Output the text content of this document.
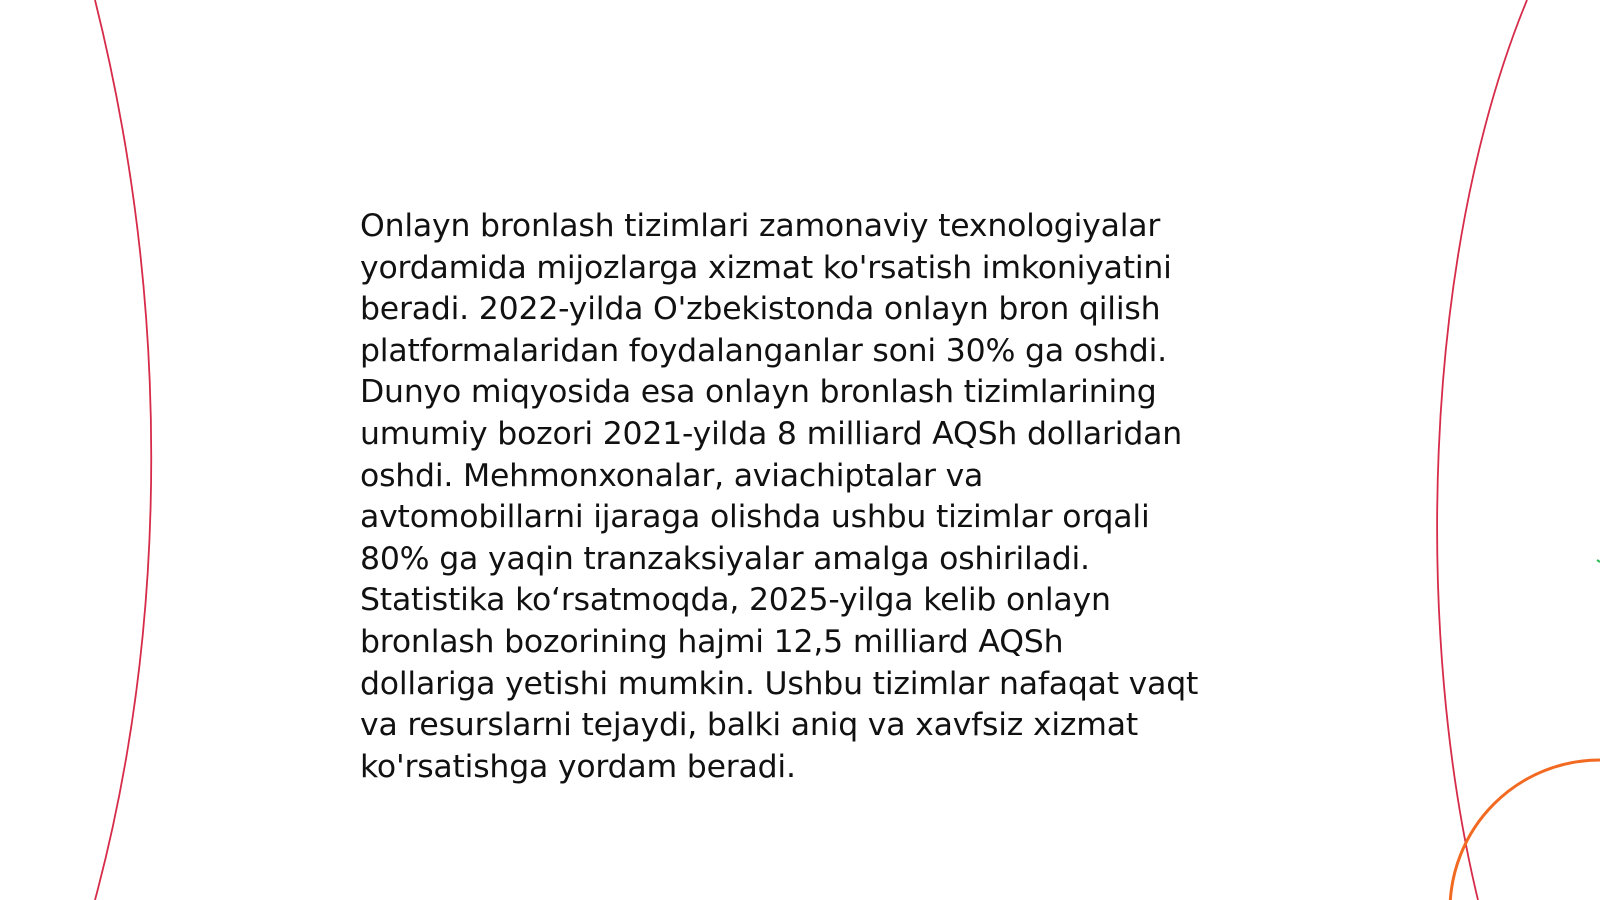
Onlayn bronlash tizimlari zamonaviy texnologiyalar
yordamida mijozlarga xizmat ko'rsatish imkoniyatini
beradi. 2022-yilda O'zbekistonda onlayn bron qilish
platformalaridan foydalanganlar soni 30% ga oshdi.
Dunyo miqyosida esa onlayn bronlash tizimlarining
umumiy bozori 2021-yilda 8 milliard AQSh dollaridan
oshdi. Mehmonxonalar, aviachiptalar va
avtomobillarni ijaraga olishda ushbu tizimlar orqali
80% ga yaqin tranzaksiyalar amalga oshiriladi.
Statistika ko‘rsatmoqda, 2025-yilga kelib onlayn
bronlash bozorining hajmi 12,5 milliard AQSh
dollariga yetishi mumkin. Ushbu tizimlar nafaqat vaqt
va resurslarni tejaydi, balki aniq va xavfsiz xizmat
ko'rsatishga yordam beradi.
